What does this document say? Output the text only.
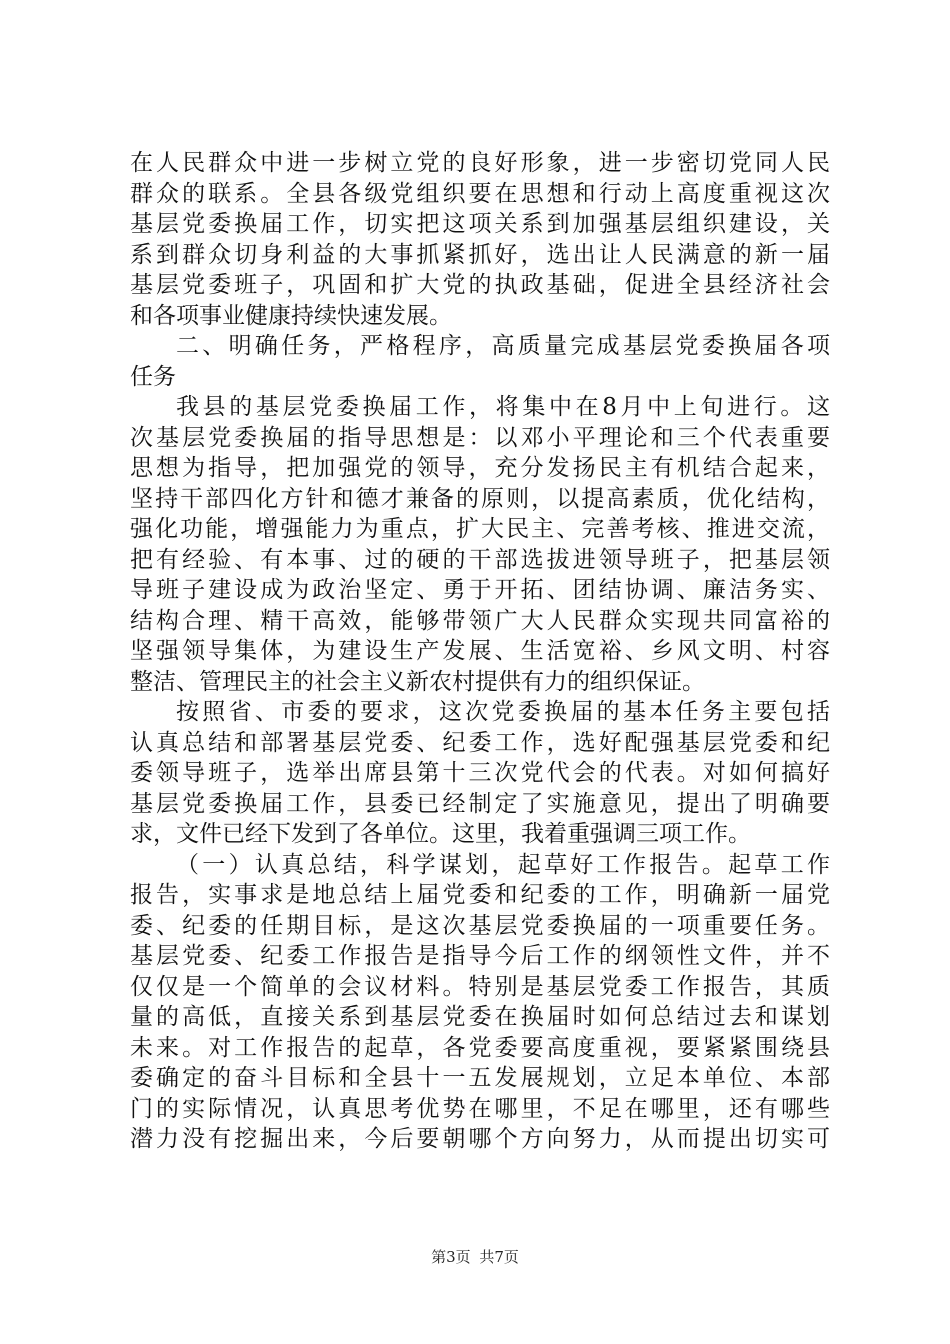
在人民群众中进一步树立党的良好形象，进一步密切党同人民
群众的联系。全县各级党组织要在思想和行动上高度重视这次
基层党委换届工作，切实把这项关系到加强基层组织建设，关
系到群众切身利益的大事抓紧抓好，选出让人民满意的新一届
基层党委班子，巩固和扩大党的执政基础，促进全县经济社会
和各项事业健康持续快速发展。
二、明确任务，严格程序，高质量完成基层党委换届各项
任务
我县的基层党委换届工作，将集中在8月中上旬进行。这
次基层党委换届的指导思想是：以邓小平理论和三个代表重要
思想为指导，把加强党的领导，充分发扬民主有机结合起来，
坚持干部四化方针和德才兼备的原则，以提高素质，优化结构，
强化功能，增强能力为重点，扩大民主、完善考核、推进交流，
把有经验、有本事、过的硬的干部选拔进领导班子，把基层领
导班子建设成为政治坚定、勇于开拓、团结协调、廉洁务实、
结构合理、精干高效，能够带领广大人民群众实现共同富裕的
坚强领导集体，为建设生产发展、生活宽裕、乡风文明、村容
整洁、管理民主的社会主义新农村提供有力的组织保证。
按照省、市委的要求，这次党委换届的基本任务主要包括
认真总结和部署基层党委、纪委工作，选好配强基层党委和纪
委领导班子，选举出席县第十三次党代会的代表。对如何搞好
基层党委换届工作，县委已经制定了实施意见，提出了明确要
求，文件已经下发到了各单位。这里，我着重强调三项工作。
（一）认真总结，科学谋划，起草好工作报告。起草工作
报告，实事求是地总结上届党委和纪委的工作，明确新一届党
委、纪委的任期目标，是这次基层党委换届的一项重要任务。
基层党委、纪委工作报告是指导今后工作的纲领性文件，并不
仅仅是一个简单的会议材料。特别是基层党委工作报告，其质
量的高低，直接关系到基层党委在换届时如何总结过去和谋划
未来。对工作报告的起草，各党委要高度重视，要紧紧围绕县
委确定的奋斗目标和全县十一五发展规划，立足本单位、本部
门的实际情况，认真思考优势在哪里，不足在哪里，还有哪些
潜力没有挖掘出来，今后要朝哪个方向努力，从而提出切实可
第3页 共7页
